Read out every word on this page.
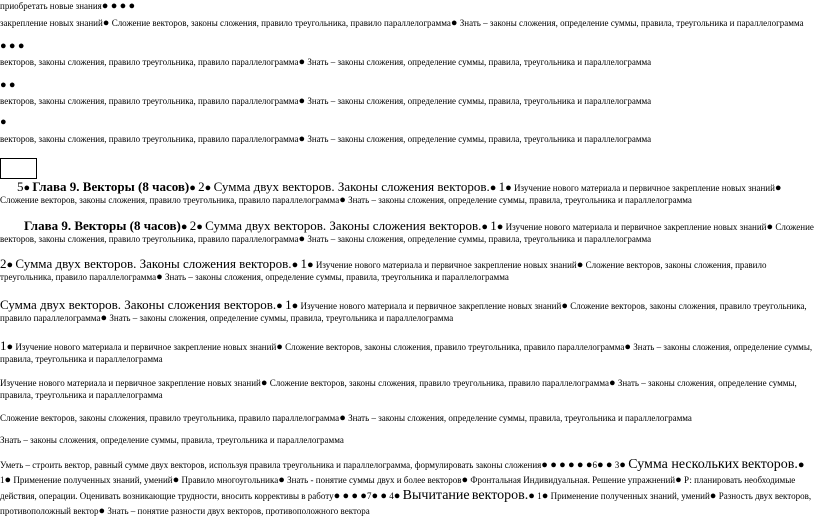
приобретать новые знания● ● ● ●
закрепление новых знаний● Сложение векторов, законы сложения, правило треугольника, правило параллелограмма● Знать – законы сложения, определение суммы, правила, треугольника и параллелограмма
● ● ●
векторов, законы сложения, правило треугольника, правило параллелограмма● Знать – законы сложения, определение суммы, правила, треугольника и параллелограмма
● ●
векторов, законы сложения, правило треугольника, правило параллелограмма● Знать – законы сложения, определение суммы, правила, треугольника и параллелограмма
●
векторов, законы сложения, правило треугольника, правило параллелограмма● Знать – законы сложения, определение суммы, правила, треугольника и параллелограмма
5● Глава 9. Векторы (8 часов)● 2● Сумма двух векторов. Законы сложения векторов.● 1● Изучение нового материала и первичное закрепление новых знаний● Сложение векторов, законы сложения, правило треугольника, правило параллелограмма● Знать – законы сложения, определение суммы, правила, треугольника и параллелограмма
Глава 9. Векторы (8 часов)● 2● Сумма двух векторов. Законы сложения векторов.● 1● Изучение нового материала и первичное закрепление новых знаний● Сложение векторов, законы сложения, правило треугольника, правило параллелограмма● Знать – законы сложения, определение суммы, правила, треугольника и параллелограмма
2● Сумма двух векторов. Законы сложения векторов.● 1● Изучение нового материала и первичное закрепление новых знаний● Сложение векторов, законы сложения, правило треугольника, правило параллелограмма● Знать – законы сложения, определение суммы, правила, треугольника и параллелограмма
Сумма двух векторов. Законы сложения векторов.● 1● Изучение нового материала и первичное закрепление новых знаний● Сложение векторов, законы сложения, правило треугольника, правило параллелограмма● Знать – законы сложения, определение суммы, правила, треугольника и параллелограмма
1● Изучение нового материала и первичное закрепление новых знаний● Сложение векторов, законы сложения, правило треугольника, правило параллелограмма● Знать – законы сложения, определение суммы, правила, треугольника и параллелограмма
Изучение нового материала и первичное закрепление новых знаний● Сложение векторов, законы сложения, правило треугольника, правило параллелограмма● Знать – законы сложения, определение суммы, правила, треугольника и параллелограмма
Сложение векторов, законы сложения, правило треугольника, правило параллелограмма● Знать – законы сложения, определение суммы, правила, треугольника и параллелограмма
Знать – законы сложения, определение суммы, правила, треугольника и параллелограмма
Уметь – строить вектор, равный сумме двух векторов, используя правила треугольника и параллелограмма, формулировать законы сложения● ● ● ● ● ●6● ● 3● Сумма нескольких векторов.● 1● Применение полученных знаний, умений● Правило многоугольника● Знать - понятие суммы двух и более векторов● Фронтальная Индивидуальная. Решение упражнений● Р: планировать необходимые действия, операции. Оценивать возникающие трудности, вносить коррективы в работу● ● ● ●7● ● 4● Вычитание векторов.● 1● Применение полученных знаний, умений● Разность двух векторов, противоположный вектор● Знать – понятие разности двух векторов, противоположного вектора
